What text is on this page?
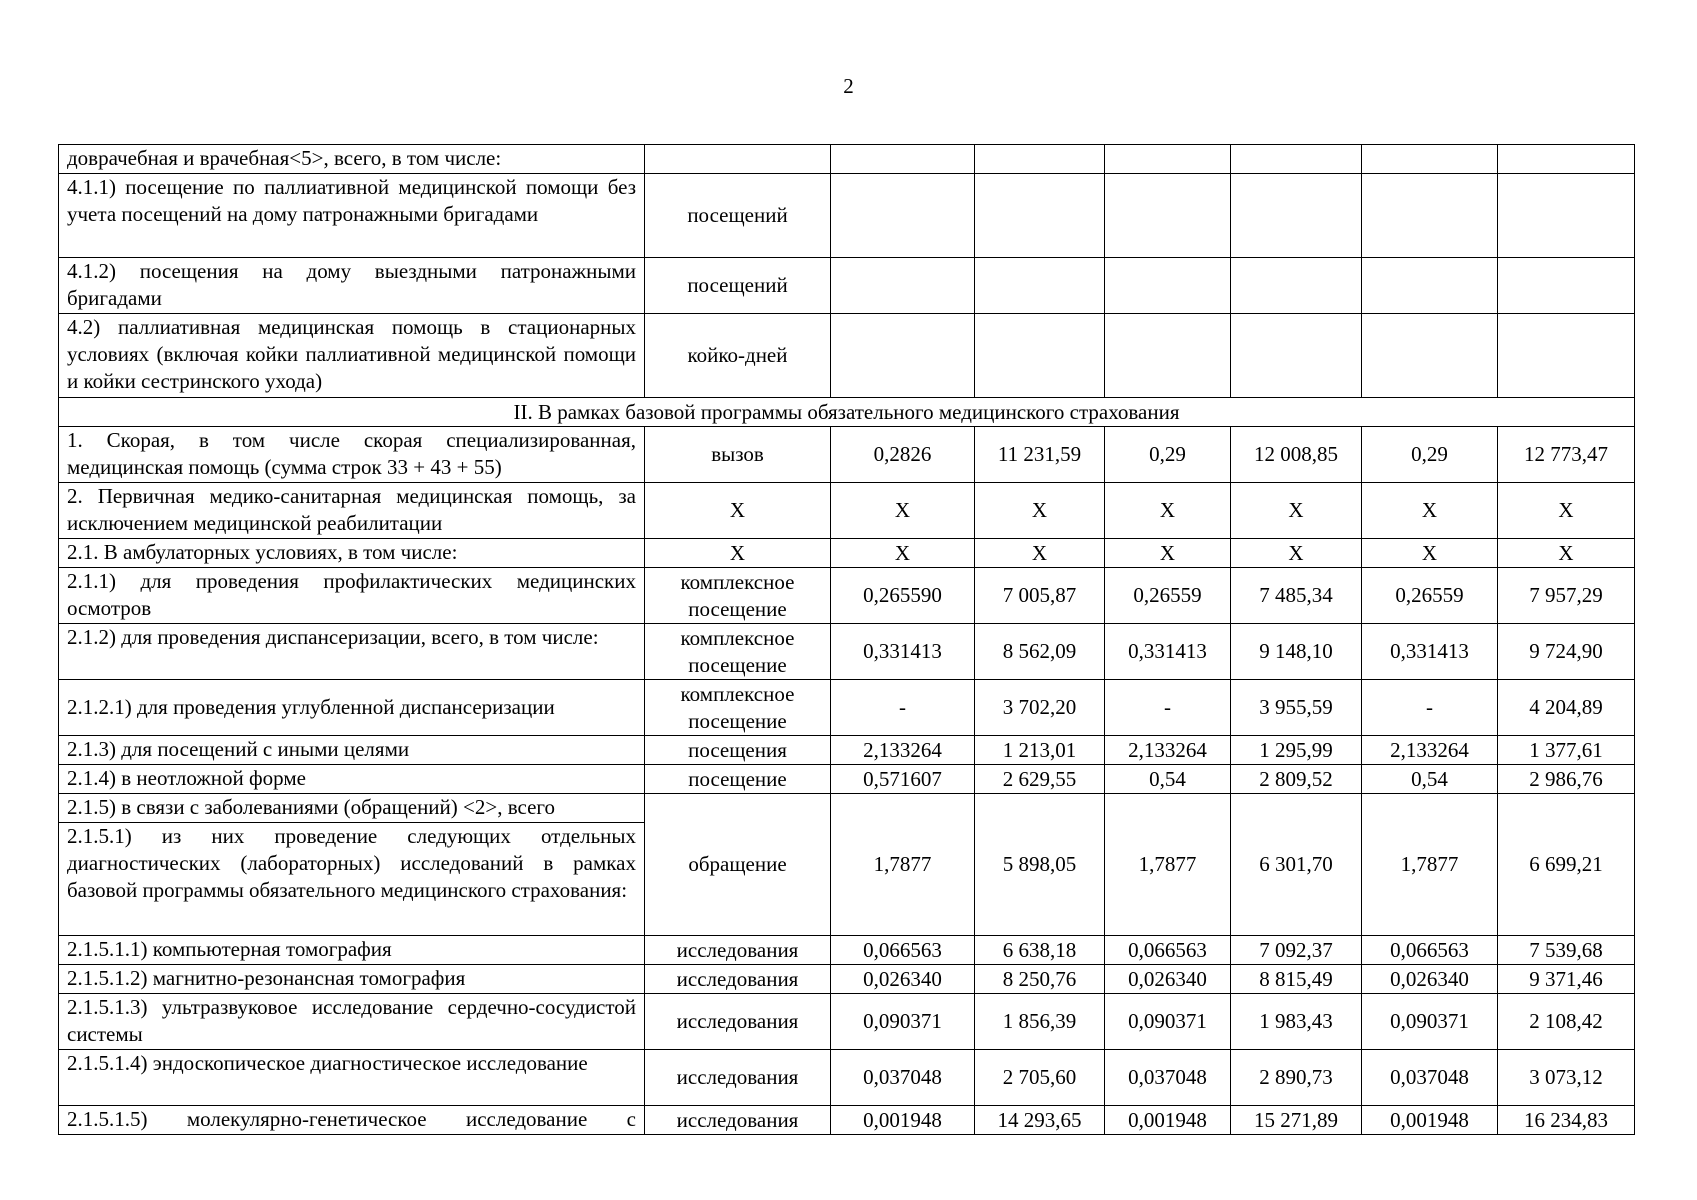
2
доврачебная и врачебная<5>, всего, в том числе:							
4.1.1) посещение по паллиативной медицинской помощи без учета посещений на дому патронажными бригадами	посещений						
4.1.2) посещения на дому выездными патронажными бригадами	посещений						
4.2) паллиативная медицинская помощь в стационарных условиях (включая койки паллиативной медицинской помощи и койки сестринского ухода)	койко-дней						
II. В рамках базовой программы обязательного медицинского страхования							
1. Скорая, в том числе скорая специализированная, медицинская помощь (сумма строк 33 + 43 + 55)	вызов	0,2826	11 231,59	0,29	12 008,85	0,29	12 773,47
2. Первичная медико-санитарная медицинская помощь, за исключением медицинской реабилитации	Х	Х	Х	Х	Х	Х	Х
2.1. В амбулаторных условиях, в том числе:	Х	Х	Х	Х	Х	Х	Х
2.1.1) для проведения профилактических медицинских осмотров	комплексное посещение	0,265590	7 005,87	0,26559	7 485,34	0,26559	7 957,29
2.1.2) для проведения диспансеризации, всего, в том числе:	комплексное посещение	0,331413	8 562,09	0,331413	9 148,10	0,331413	9 724,90
2.1.2.1) для проведения углубленной диспансеризации	комплексное посещение	-	3 702,20	-	3 955,59	-	4 204,89
2.1.3) для посещений с иными целями	посещения	2,133264	1 213,01	2,133264	1 295,99	2,133264	1 377,61
2.1.4) в неотложной форме	посещение	0,571607	2 629,55	0,54	2 809,52	0,54	2 986,76

2.1.5) в связи с заболеваниями (обращений) <2>, всего
2.1.5.1) из них проведение следующих отдельных диагностических (лабораторных) исследований в рамках базовой программы обязательного медицинского страхования:	обращение	1,7877	5 898,05	1,7877	6 301,70	1,7877	6 699,21
2.1.5.1.1) компьютерная томография	исследования	0,066563	6 638,18	0,066563	7 092,37	0,066563	7 539,68
2.1.5.1.2) магнитно-резонансная томография	исследования	0,026340	8 250,76	0,026340	8 815,49	0,026340	9 371,46
2.1.5.1.3) ультразвуковое исследование сердечно-сосудистой системы	исследования	0,090371	1 856,39	0,090371	1 983,43	0,090371	2 108,42
2.1.5.1.4) эндоскопическое диагностическое исследование	исследования	0,037048	2 705,60	0,037048	2 890,73	0,037048	3 073,12
2.1.5.1.5) молекулярно-генетическое исследование с	исследования	0,001948	14 293,65	0,001948	15 271,89	0,001948	16 234,83
